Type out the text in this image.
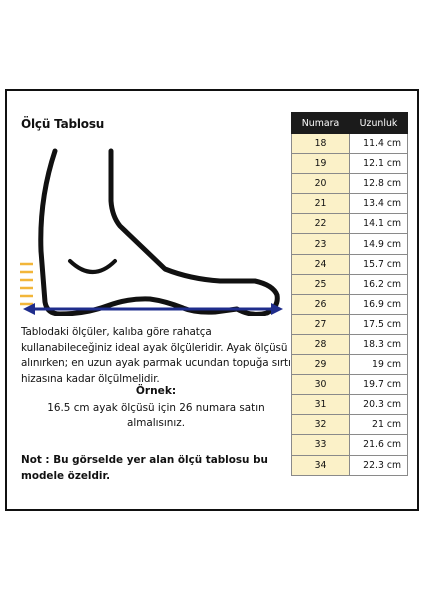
Ölçü Tablosu
Tablodaki ölçüler, kalıba göre rahatça kullanabileceğiniz ideal ayak ölçüleridir. Ayak ölçüsü alınırken; en uzun ayak parmak ucundan topuğa sırtı hizasına kadar ölçülmelidir.
Örnek:
16.5 cm ayak ölçüsü için 26 numara satın almalısınız.
Not : Bu görselde yer alan ölçü tablosu bu modele özeldir.
Numara	Uzunluk
18	11.4 cm
19	12.1 cm
20	12.8 cm
21	13.4 cm
22	14.1 cm
23	14.9 cm
24	15.7 cm
25	16.2 cm
26	16.9 cm
27	17.5 cm
28	18.3 cm
29	19 cm
30	19.7 cm
31	20.3 cm
32	21 cm
33	21.6 cm
34	22.3 cm
